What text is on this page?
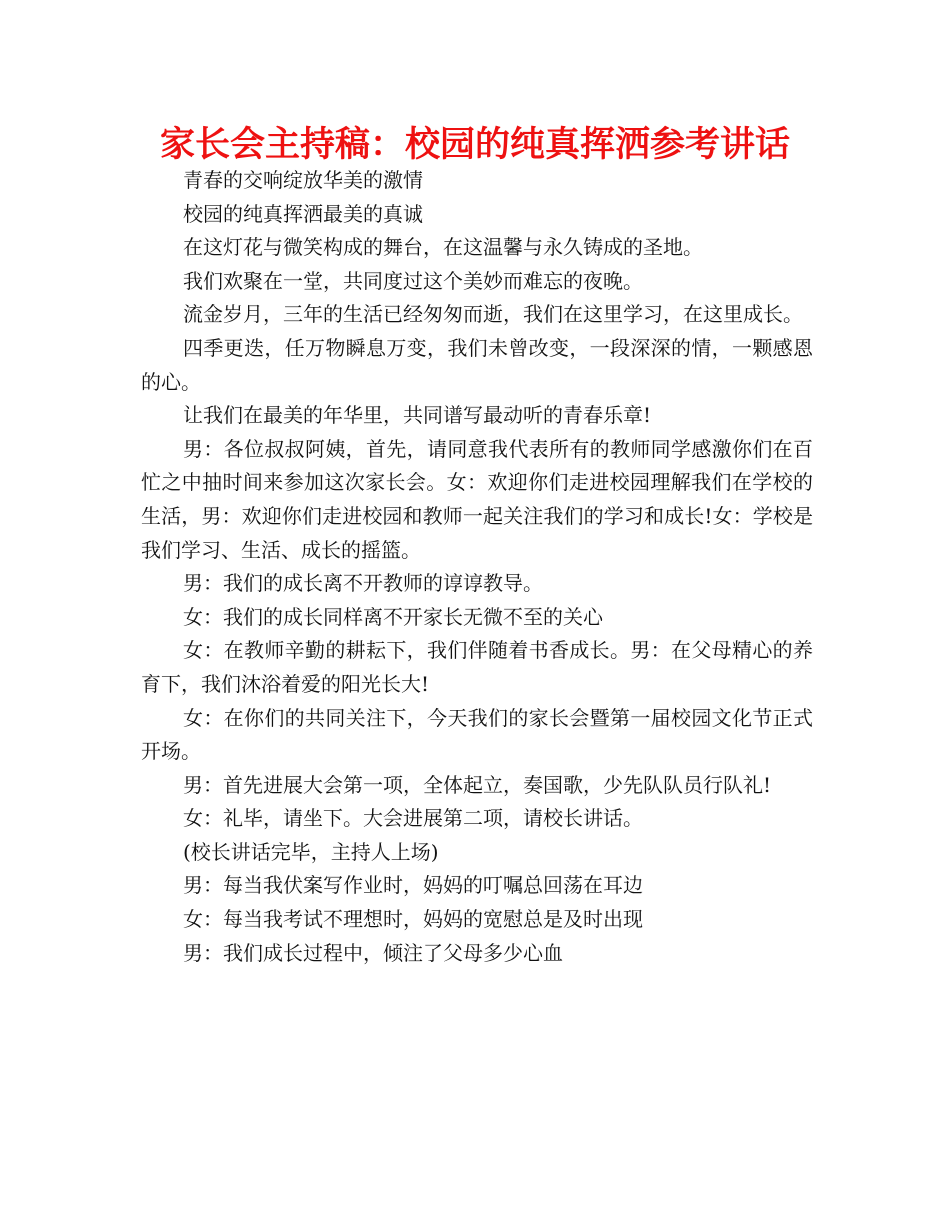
家长会主持稿：校园的纯真挥洒参考讲话

青春的交响绽放华美的激情

校园的纯真挥洒最美的真诚

在这灯花与微笑构成的舞台，在这温馨与永久铸成的圣地。

我们欢聚在一堂，共同度过这个美妙而难忘的夜晚。

流金岁月，三年的生活已经匆匆而逝，我们在这里学习，在这里成长。

四季更迭，任万物瞬息万变，我们未曾改变，一段深深的情，一颗感恩的心。

让我们在最美的年华里，共同谱写最动听的青春乐章!

男：各位叔叔阿姨，首先，请同意我代表所有的教师同学感激你们在百忙之中抽时间来参加这次家长会。女：欢迎你们走进校园理解我们在学校的生活，男：欢迎你们走进校园和教师一起关注我们的学习和成长!女：学校是我们学习、生活、成长的摇篮。

男：我们的成长离不开教师的谆谆教导。

女：我们的成长同样离不开家长无微不至的关心

女：在教师辛勤的耕耘下，我们伴随着书香成长。男：在父母精心的养育下，我们沐浴着爱的阳光长大!

女：在你们的共同关注下，今天我们的家长会暨第一届校园文化节正式开场。

男：首先进展大会第一项，全体起立，奏国歌，少先队队员行队礼!

女：礼毕，请坐下。大会进展第二项，请校长讲话。

(校长讲话完毕，主持人上场)

男：每当我伏案写作业时，妈妈的叮嘱总回荡在耳边

女：每当我考试不理想时，妈妈的宽慰总是及时出现

男：我们成长过程中，倾注了父母多少心血
